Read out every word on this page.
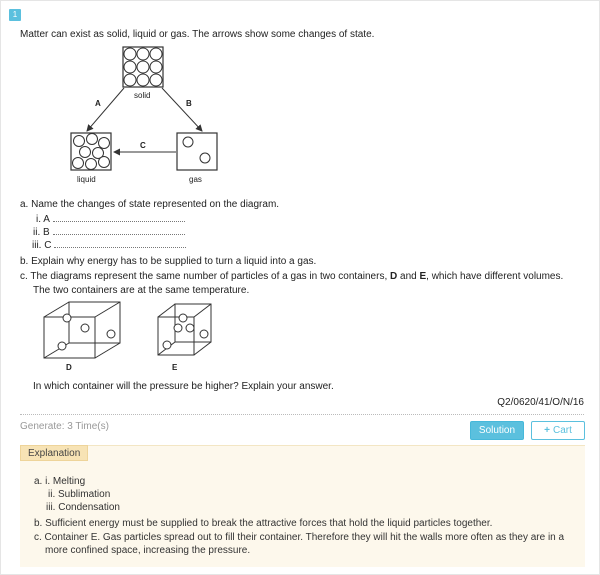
1
Matter can exist as solid, liquid or gas. The arrows show some changes of state.
solid
liquid	gas
A	B
C
a. Name the changes of state represented on the diagram.
i. A
ii. B
iii. C
b. Explain why energy has to be supplied to turn a liquid into a gas.
c. The diagrams represent the same number of particles of a gas in two containers, D and E, which have different volumes.
The two containers are at the same temperature.
D	E
In which container will the pressure be higher? Explain your answer.
Q2/0620/41/O/N/16
Generate: 3 Time(s)	Solution	+ Cart
Explanation
a. i. Melting
ii. Sublimation
iii. Condensation
b. Sufficient energy must be supplied to break the attractive forces that hold the liquid particles together.
c. Container E. Gas particles spread out to fill their container. Therefore they will hit the walls more often as they are in a
more confined space, increasing the pressure.
